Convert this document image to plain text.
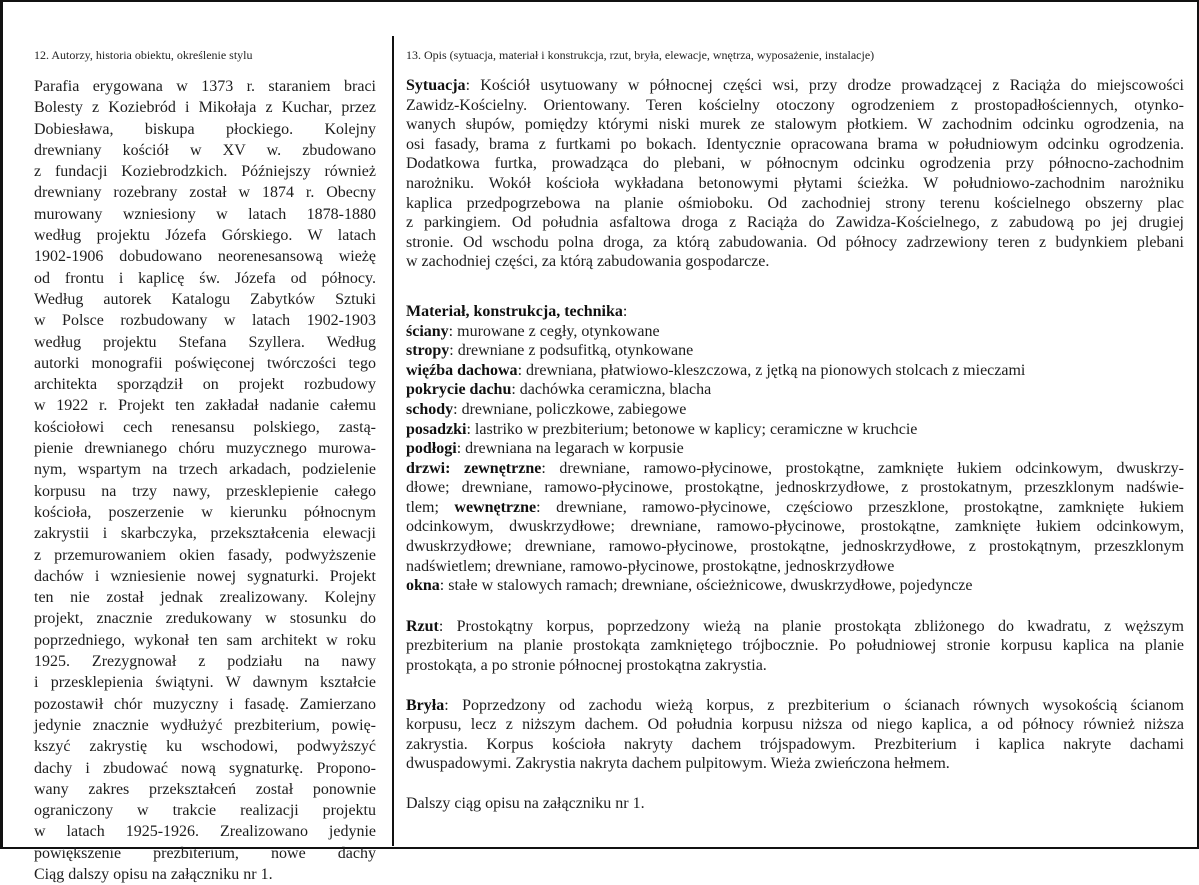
12. Autorzy, historia obiektu, określenie stylu	13. Opis (sytuacja, materiał i konstrukcja, rzut, bryła, elewacje, wnętrza, wyposażenie, instalacje)
Parafia erygowana w 1373 r. staraniem braci
Bolesty z Koziebród i Mikołaja z Kuchar, przez
Dobiesława, biskupa płockiego. Kolejny
drewniany kościół w XV w. zbudowano
z fundacji Koziebrodzkich. Późniejszy również
drewniany rozebrany został w 1874 r. Obecny
murowany wzniesiony w latach 1878-1880
według projektu Józefa Górskiego. W latach
1902-1906 dobudowano neorenesansową wieżę
od frontu i kaplicę św. Józefa od północy.
Według autorek Katalogu Zabytków Sztuki
w Polsce rozbudowany w latach 1902-1903
według projektu Stefana Szyllera. Według
autorki monografii poświęconej twórczości tego
architekta sporządził on projekt rozbudowy
w 1922 r. Projekt ten zakładał nadanie całemu
kościołowi cech renesansu polskiego, zastą-
pienie drewnianego chóru muzycznego murowa-
nym, wspartym na trzech arkadach, podzielenie
korpusu na trzy nawy, przesklepienie całego
kościoła, poszerzenie w kierunku północnym
zakrystii i skarbczyka, przekształcenia elewacji
z przemurowaniem okien fasady, podwyższenie
dachów i wzniesienie nowej sygnaturki. Projekt
ten nie został jednak zrealizowany. Kolejny
projekt, znacznie zredukowany w stosunku do
poprzedniego, wykonał ten sam architekt w roku
1925. Zrezygnował z podziału na nawy
i przesklepienia świątyni. W dawnym kształcie
pozostawił chór muzyczny i fasadę. Zamierzano
jedynie znacznie wydłużyć prezbiterium, powię-
kszyć zakrystię ku wschodowi, podwyższyć
dachy i zbudować nową sygnaturkę. Propono-
wany zakres przekształceń został ponownie
ograniczony w trakcie realizacji projektu
w latach 1925-1926. Zrealizowano jedynie
powiększenie prezbiterium, nowe dachy
Ciąg dalszy opisu na załączniku nr 1.

Sytuacja: Kościół usytuowany w północnej części wsi, przy drodze prowadzącej z Raciąża do miejscowości
Zawidz-Kościelny. Orientowany. Teren kościelny otoczony ogrodzeniem z prostopadłościennych, otynko-
wanych słupów, pomiędzy którymi niski murek ze stalowym płotkiem. W zachodnim odcinku ogrodzenia, na
osi fasady, brama z furtkami po bokach. Identycznie opracowana brama w południowym odcinku ogrodzenia.
Dodatkowa furtka, prowadząca do plebani, w północnym odcinku ogrodzenia przy północno-zachodnim
narożniku. Wokół kościoła wykładana betonowymi płytami ścieżka. W południowo-zachodnim narożniku
kaplica przedpogrzebowa na planie ośmioboku. Od zachodniej strony terenu kościelnego obszerny plac
z parkingiem. Od południa asfaltowa droga z Raciąża do Zawidza-Kościelnego, z zabudową po jej drugiej
stronie. Od wschodu polna droga, za którą zabudowania. Od północy zadrzewiony teren z budynkiem plebani
w zachodniej części, za którą zabudowania gospodarcze.

Materiał, konstrukcja, technika:
ściany: murowane z cegły, otynkowane
stropy: drewniane z podsufitką, otynkowane
więźba dachowa: drewniana, płatwiowo-kleszczowa, z jętką na pionowych stolcach z mieczami
pokrycie dachu: dachówka ceramiczna, blacha
schody: drewniane, policzkowe, zabiegowe
posadzki: lastriko w prezbiterium; betonowe w kaplicy; ceramiczne w kruchcie
podłogi: drewniana na legarach w korpusie
drzwi: zewnętrzne: drewniane, ramowo-płycinowe, prostokątne, zamknięte łukiem odcinkowym, dwuskrzy-
dłowe; drewniane, ramowo-płycinowe, prostokątne, jednoskrzydłowe, z prostokatnym, przeszklonym nadświe-
tlem; wewnętrzne: drewniane, ramowo-płycinowe, częściowo przeszklone, prostokątne, zamknięte łukiem
odcinkowym, dwuskrzydłowe; drewniane, ramowo-płycinowe, prostokątne, zamknięte łukiem odcinkowym,
dwuskrzydłowe; drewniane, ramowo-płycinowe, prostokątne, jednoskrzydłowe, z prostokątnym, przeszklonym
nadświetlem; drewniane, ramowo-płycinowe, prostokątne, jednoskrzydłowe
okna: stałe w stalowych ramach; drewniane, ościeżnicowe, dwuskrzydłowe, pojedyncze

Rzut: Prostokątny korpus, poprzedzony wieżą na planie prostokąta zbliżonego do kwadratu, z węższym
prezbiterium na planie prostokąta zamkniętego trójbocznie. Po południowej stronie korpusu kaplica na planie
prostokąta, a po stronie północnej prostokątna zakrystia.

Bryła: Poprzedzony od zachodu wieżą korpus, z prezbiterium o ścianach równych wysokością ścianom
korpusu, lecz z niższym dachem. Od południa korpusu niższa od niego kaplica, a od północy również niższa
zakrystia. Korpus kościoła nakryty dachem trójspadowym. Prezbiterium i kaplica nakryte dachami
dwuspadowymi. Zakrystia nakryta dachem pulpitowym. Wieża zwieńczona hełmem.

Dalszy ciąg opisu na załączniku nr 1.
